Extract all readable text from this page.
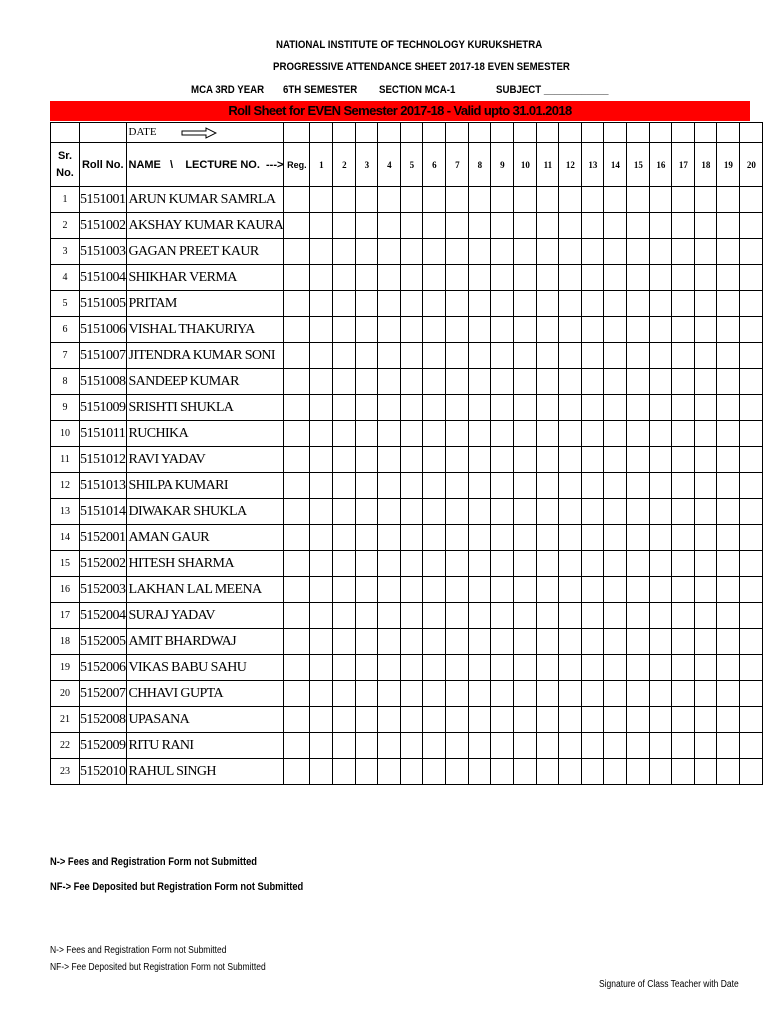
NATIONAL INSTITUTE OF TECHNOLOGY KURUKSHETRA
PROGRESSIVE ATTENDANCE SHEET 2017-18 EVEN SEMESTER
MCA 3RD YEAR 6TH SEMESTER SECTION MCA-1	SUBJECT ____________
Roll Sheet for EVEN Semester 2017-18 - Valid upto 31.01.2018
		DATE																					
Sr.
No.	Roll No.	NAME   \    LECTURE NO.  --->	Reg.	1	2	3	4	5	6	7	8	9	10	11	12	13	14	15	16	17	18	19	20
1	5151001	ARUN KUMAR SAMRLA																					
2	5151002	AKSHAY KUMAR KAURA																					
3	5151003	GAGAN PREET KAUR																					
4	5151004	SHIKHAR VERMA																					
5	5151005	PRITAM																					
6	5151006	VISHAL THAKURIYA																					
7	5151007	JITENDRA KUMAR SONI																					
8	5151008	SANDEEP KUMAR																					
9	5151009	SRISHTI SHUKLA																					
10	5151011	RUCHIKA																					
11	5151012	RAVI YADAV																					
12	5151013	SHILPA KUMARI																					
13	5151014	DIWAKAR SHUKLA																					
14	5152001	AMAN GAUR																					
15	5152002	HITESH SHARMA																					
16	5152003	LAKHAN LAL MEENA																					
17	5152004	SURAJ YADAV																					
18	5152005	AMIT BHARDWAJ																					
19	5152006	VIKAS BABU SAHU																					
20	5152007	CHHAVI GUPTA																					
21	5152008	UPASANA																					
22	5152009	RITU RANI																					
23	5152010	RAHUL SINGH																					
N-> Fees and Registration Form not Submitted
NF-> Fee Deposited but Registration Form not Submitted
N-> Fees and Registration Form not Submitted
NF-> Fee Deposited but Registration Form not Submitted
Signature of Class Teacher with Date
